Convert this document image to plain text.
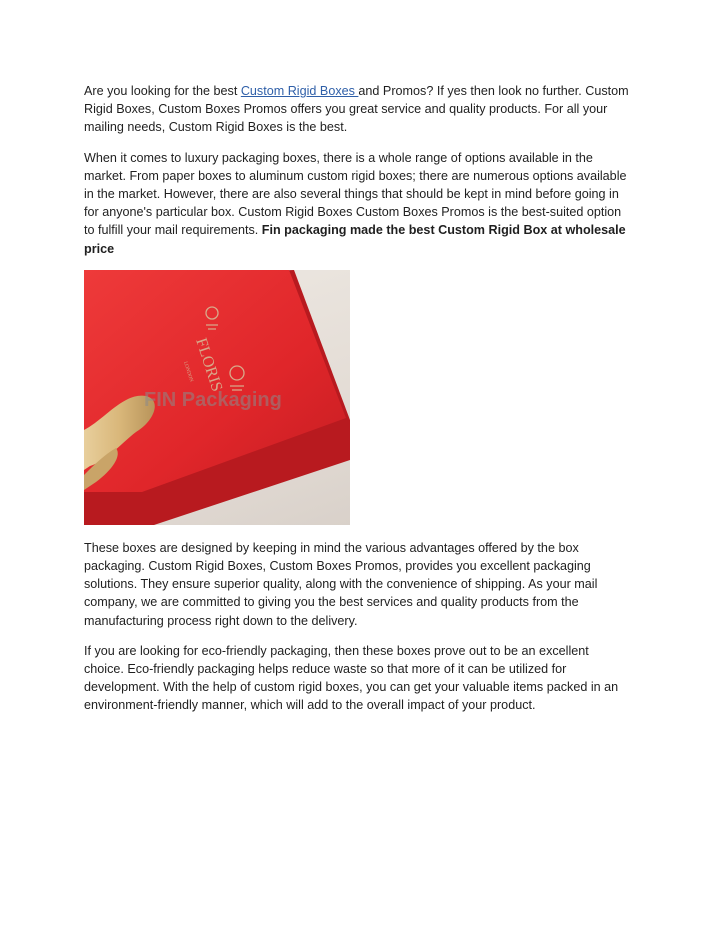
Are you looking for the best Custom Rigid Boxes and Promos? If yes then look no further. Custom Rigid Boxes, Custom Boxes Promos offers you great service and quality products. For all your mailing needs, Custom Rigid Boxes is the best.

When it comes to luxury packaging boxes, there is a whole range of options available in the market. From paper boxes to aluminum custom rigid boxes; there are numerous options available in the market. However, there are also several things that should be kept in mind before going in for anyone's particular box. Custom Rigid Boxes Custom Boxes Promos is the best-suited option to fulfill your mail requirements. Fin packaging made the best Custom Rigid Box at wholesale price

FLORIS
LONDON
FIN Packaging

These boxes are designed by keeping in mind the various advantages offered by the box packaging. Custom Rigid Boxes, Custom Boxes Promos, provides you excellent packaging solutions. They ensure superior quality, along with the convenience of shipping. As your mail company, we are committed to giving you the best services and quality products from the manufacturing process right down to the delivery.

If you are looking for eco-friendly packaging, then these boxes prove out to be an excellent choice. Eco-friendly packaging helps reduce waste so that more of it can be utilized for development. With the help of custom rigid boxes, you can get your valuable items packed in an environment-friendly manner, which will add to the overall impact of your product.
